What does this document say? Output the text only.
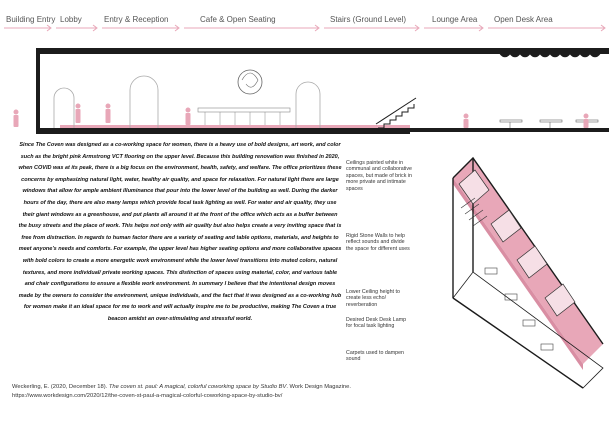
Building Entry Lobby	Entry & Reception	Cafe & Open Seating	Stairs (Ground Level)	Lounge Area Open Desk Area
Since The Coven was designed as a co-working space for women, there is a heavy use of bold designs, art work, and color such as the bright pink Armstrong VCT flooring on the upper level. Because this building renovation was finished in 2020, when COVID was at its peak, there is a big focus on the environment, health, safety, and welfare. The office prioritizes these concerns by emphasizing natural light, water, healthy air quality, and space for relaxation. For natural light there are large windows that allow for ample ambient illuminance that pour into the lower level of the building as well. During the darker hours of the day, there are also many lamps which provide focal task lighting as well. For water and air quality, they use their giant windows as a greenhouse, and put plants all around it at the front of the office which acts as a buffer between the busy streets and the place of work. This helps not only with air quality but also helps create a very inviting space that is free from distraction. In regards to human factor there are a variety of seating and table options, materials, and heights to meet anyone's needs and comforts. For example, the upper level has higher seating options and more collaborative spaces with bold colors to create a more energetic work environment while the lower level transitions into muted colors, natural textures, and more individual/ private working spaces. This distinction of spaces using material, color, and various table and chair configurations to ensure a flexible work environment. In summary I believe that the intentional design moves made by the owners to consider the environment, unique individuals, and the fact that it was designed as a co-working hub for women make it an ideal space for me to work and will actually inspire me to be productive, making The Coven a true beacon amidst an over-stimulating and stressful world.
Weckerling, E. (2020, December 18). The coven st. paul: A magical, colorful coworking space by Studio BV. Work Design Magazine.
https://www.workdesign.com/2020/12/the-coven-st-paul-a-magical-colorful-coworking-space-by-studio-bv/
Ceilings painted white in communal and collaborative spaces, but made of brick in more private and intimate spaces
Rigid Stone Walls to help reflect sounds and divide the space for different uses
Lower Ceiling height to create less echo/ reverberation
Desired Desk Desk Lamp for focal task lighting
Carpets used to dampen sound
